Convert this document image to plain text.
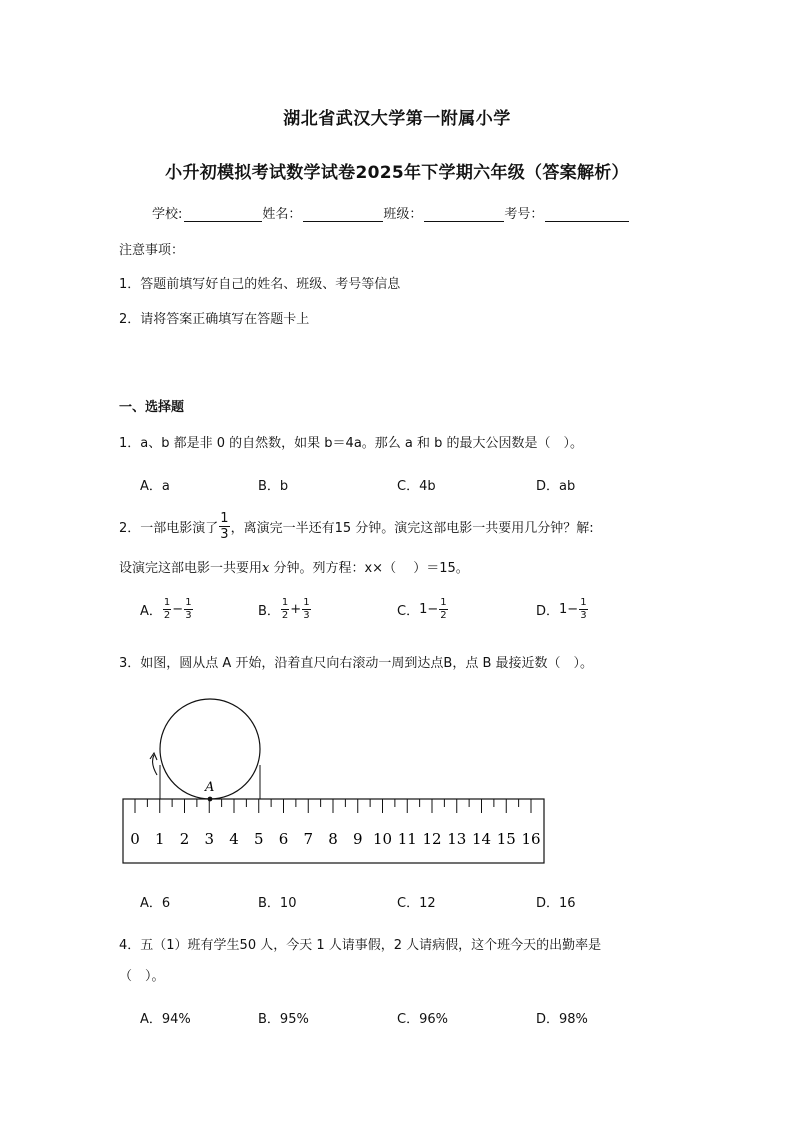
湖北省武汉大学第一附属小学
小升初模拟考试数学试卷2025年下学期六年级（答案解析）
学校:	姓名：	班级：	考号：
注意事项：
1．答题前填写好自己的姓名、班级、考号等信息
2．请将答案正确填写在答题卡上
一、选择题
1．a、b 都是非 0 的自然数，如果 b＝4a。那么 a 和 b 的最大公因数是（　）。
A．a	B．b	C．4b	D．ab
2．一部电影演了 $\frac{1}{3}$ ，离演完一半还有15 分钟。演完这部电影一共要用几分钟？解:
设演完这部电影一共要用x 分钟。列方程：x×（　 ）＝15。
A． $\frac{1}{2} - \frac{1}{3}$	B． $\frac{1}{2} + \frac{1}{3}$	C． $1- \frac{1}{2}$	D． $1- \frac{1}{3}$
3．如图，圆从点 A 开始，沿着直尺向右滚动一周到达点B，点 B 最接近数（　）。
A
0 1 2 3 4 5 6 7 8 9 10 11 12 13 14 15 16
A．6	B．10	C．12	D．16
4．五（1）班有学生50 人，今天 1 人请事假，2 人请病假，这个班今天的出勤率是
（　）。
A．94%	B．95%	C．96%	D．98%
